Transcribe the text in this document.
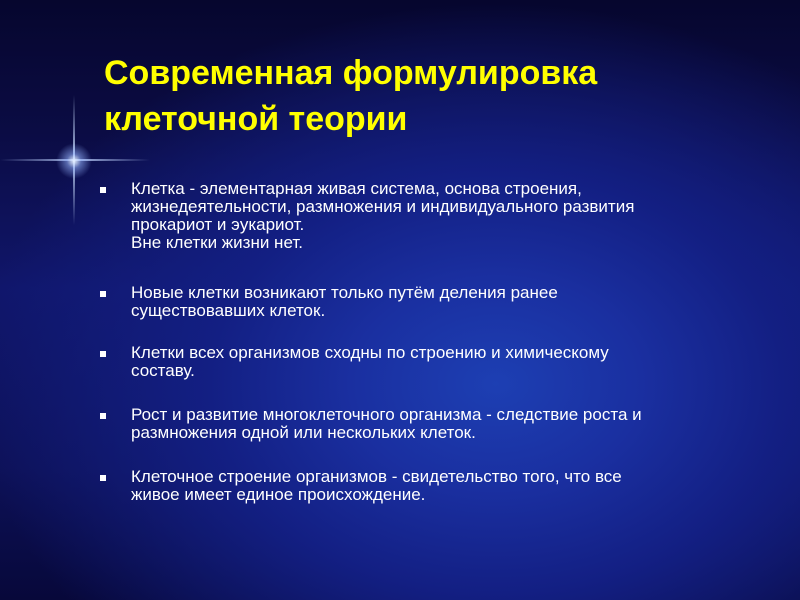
Современная формулировка
клеточной теории
Клетка - элементарная живая система, основа строения,
жизнедеятельности, размножения и индивидуального развития
прокариот и эукариот.
Вне клетки жизни нет.
Новые клетки возникают только путём деления ранее
существовавших клеток.
Клетки всех организмов сходны по строению и химическому
составу.
Рост и развитие многоклеточного организма - следствие роста и
размножения одной или нескольких клеток.
Клеточное строение организмов - свидетельство того, что все
живое имеет единое происхождение.
